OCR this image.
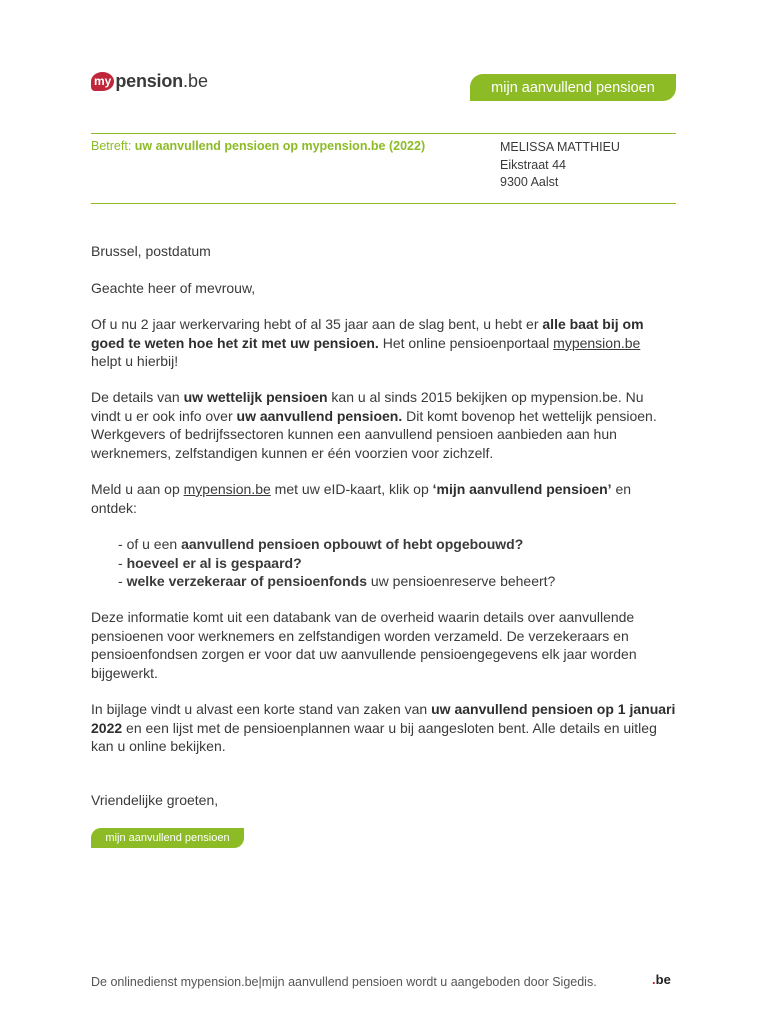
my pension .be	mijn aanvullend pensioen
Betreft: uw aanvullend pensioen op mypension.be (2022)	MELISSA MATTHIEU
Eikstraat 44
9300 Aalst
Brussel, postdatum
Geachte heer of mevrouw,

Of u nu 2 jaar werkervaring hebt of al 35 jaar aan de slag bent, u hebt er alle baat bij om goed te weten hoe het zit met uw pensioen. Het online pensioenportaal mypension.be
helpt u hierbij!

De details van uw wettelijk pensioen kan u al sinds 2015 bekijken op mypension.be. Nu vindt u er ook info over uw aanvullend pensioen. Dit komt bovenop het wettelijk pensioen. Werkgevers of bedrijfssectoren kunnen een aanvullend pensioen aanbieden aan hun werknemers, zelfstandigen kunnen er één voorzien voor zichzelf.

Meld u aan op mypension.be met uw eID-kaart, klik op ‘mijn aanvullend pensioen’ en ontdek:

- of u een aanvullend pensioen opbouwt of hebt opgebouwd?
- hoeveel er al is gespaard?
- welke verzekeraar of pensioenfonds uw pensioenreserve beheert?
Deze informatie komt uit een databank van de overheid waarin details over aanvullende pensioenen voor werknemers en zelfstandigen worden verzameld. De verzekeraars en pensioenfondsen zorgen er voor dat uw aanvullende pensioengegevens elk jaar worden bijgewerkt.

In bijlage vindt u alvast een korte stand van zaken van uw aanvullend pensioen op 1 januari 2022 en een lijst met de pensioenplannen waar u bij aangesloten bent. Alle details en uitleg kan u online bekijken.

Vriendelijke groeten,
mijn aanvullend pensioen
De onlinedienst mypension.be|mijn aanvullend pensioen wordt u aangeboden door Sigedis.	.be
